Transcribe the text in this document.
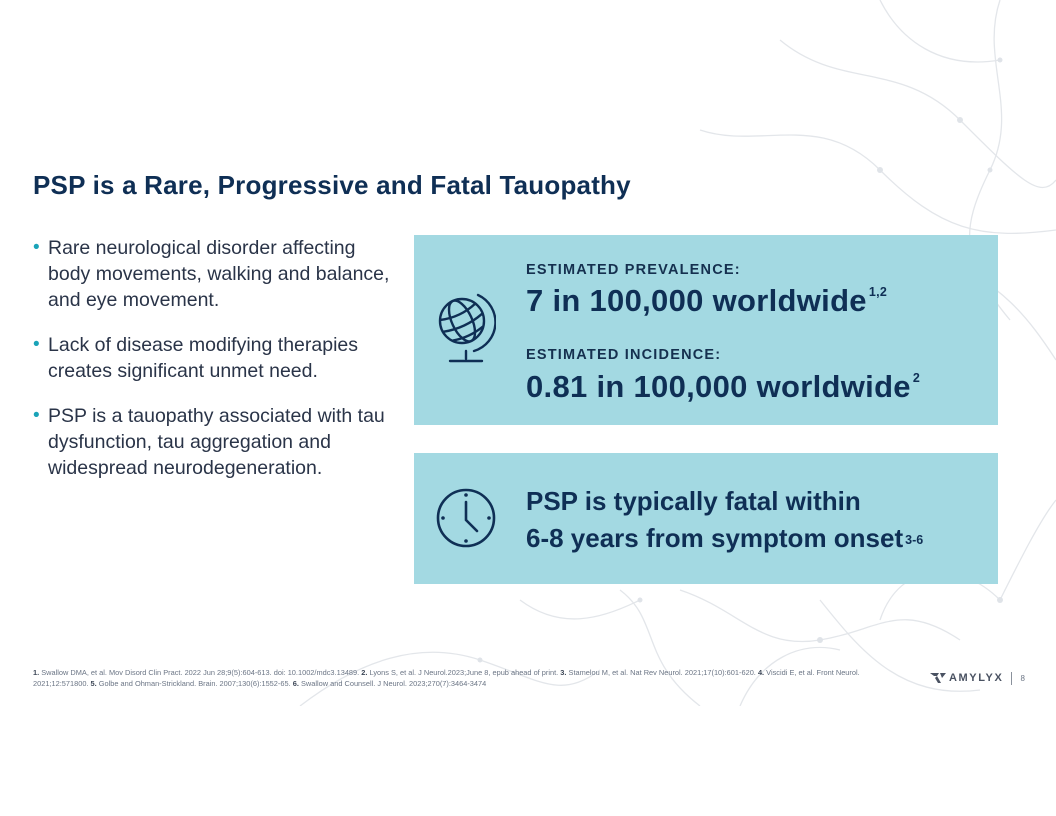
PSP is a Rare, Progressive and Fatal Tauopathy
• Rare neurological disorder affecting body movements, walking and balance, and eye movement.
• Lack of disease modifying therapies creates significant unmet need.
• PSP is a tauopathy associated with tau dysfunction, tau aggregation and widespread neurodegeneration.
ESTIMATED PREVALENCE:
7 in 100,000 worldwide $^{1,2}$
ESTIMATED INCIDENCE:
0.81 in 100,000 worldwide $^2$
PSP is typically fatal within
6-8 years from symptom onset $^{3-6}$

1. Swallow DMA, et al. Mov Disord Clin Pract. 2022 Jun 28;9(5):604-613. doi: 10.1002/mdc3.13489. 2. Lyons S, et al. J Neurol.2023;June 8, epub ahead of print. 3. Stamelou M, et al. Nat Rev Neurol. 2021;17(10):601-620. 4. Viscidi E, et al. Front Neurol. 2021;12:571800. 5. Golbe and Ohman-Strickland. Brain. 2007;130(6):1552-65. 6. Swallow and Counsell. J Neurol. 2023;270(7):3464-3474	AMYLYX 8
